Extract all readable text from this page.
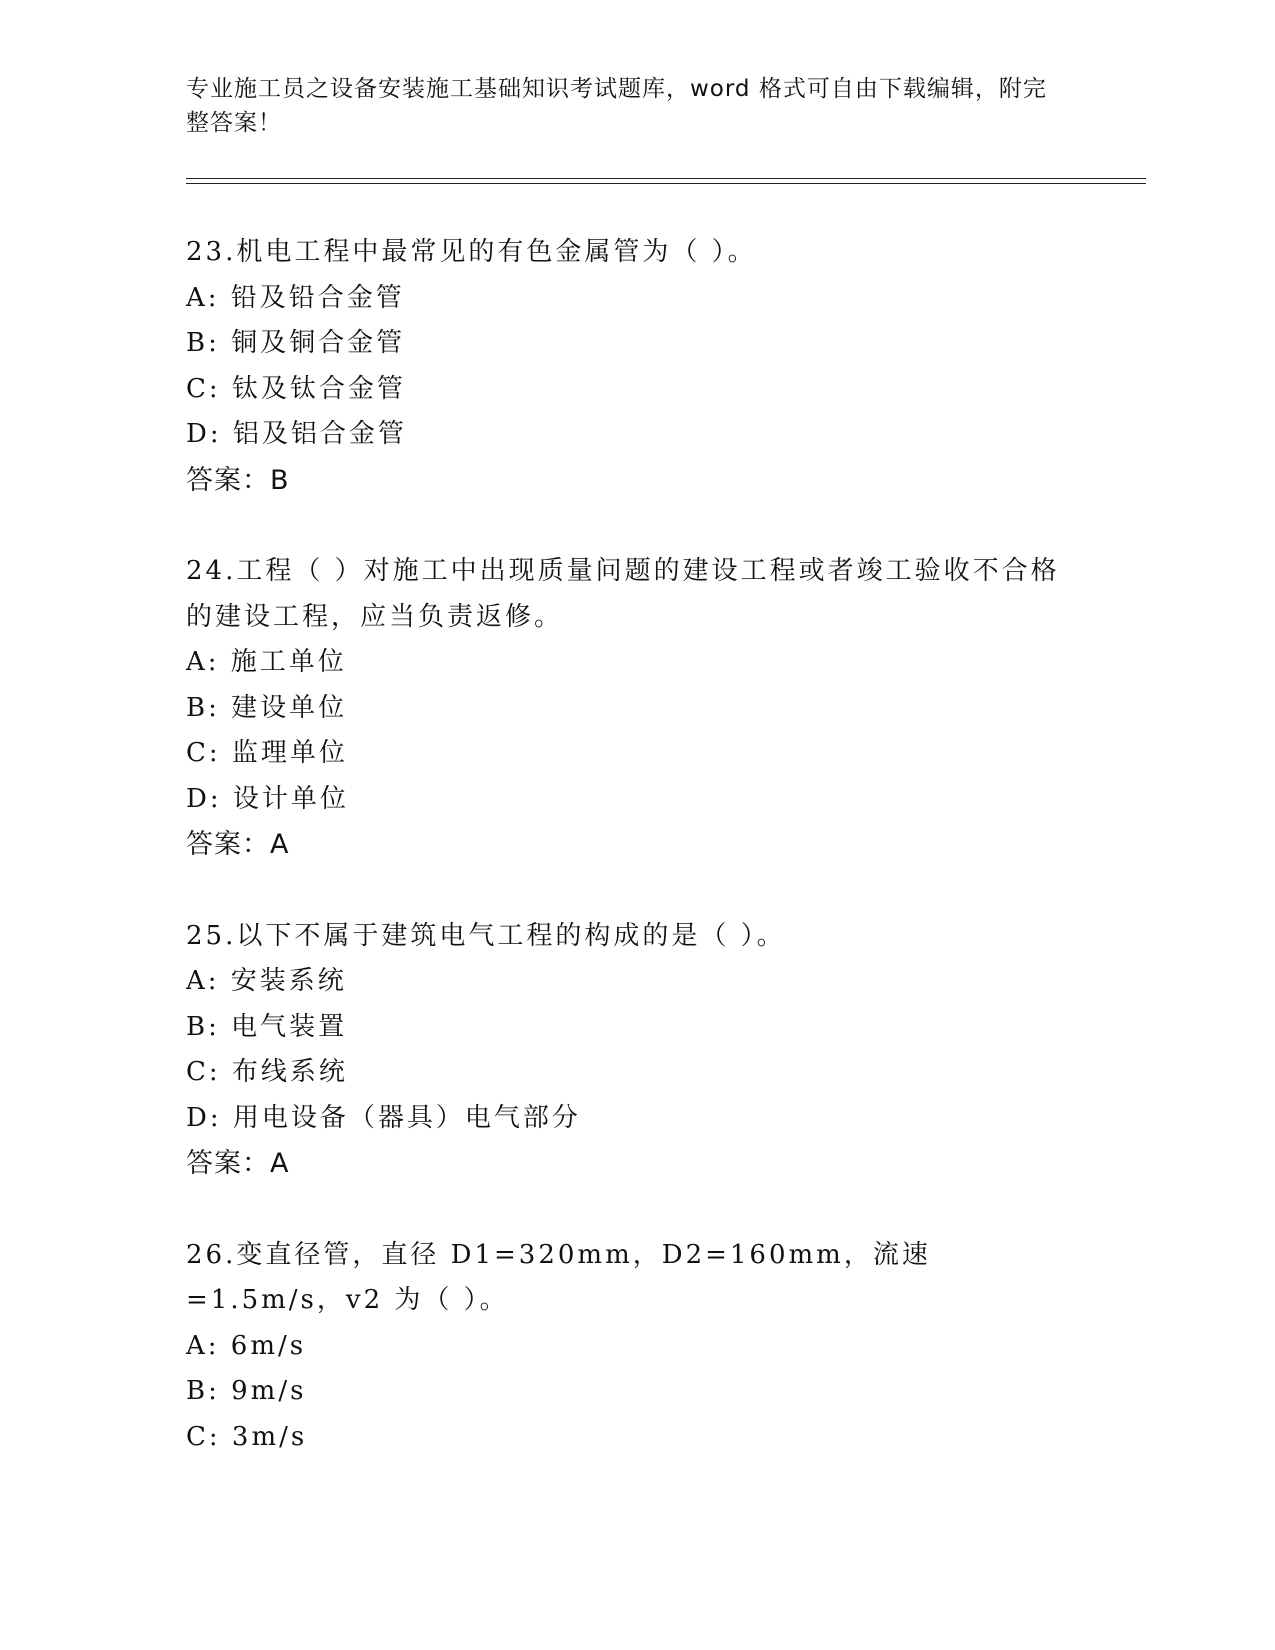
专业施工员之设备安装施工基础知识考试题库，word 格式可自由下载编辑，附完整答案！
23.机电工程中最常见的有色金属管为（ ）。
A: 铅及铅合金管
B: 铜及铜合金管
C: 钛及钛合金管
D: 铝及铝合金管
答案：B
24.工程（ ）对施工中出现质量问题的建设工程或者竣工验收不合格的建设工程，应当负责返修。
A: 施工单位
B: 建设单位
C: 监理单位
D: 设计单位
答案：A
25.以下不属于建筑电气工程的构成的是（ ）。
A: 安装系统
B: 电气装置
C: 布线系统
D: 用电设备（器具）电气部分
答案：A
26.变直径管，直径 D1=320mm，D2=160mm，流速=1.5m/s，v2 为（ ）。
A: 6m/s
B: 9m/s
C: 3m/s
